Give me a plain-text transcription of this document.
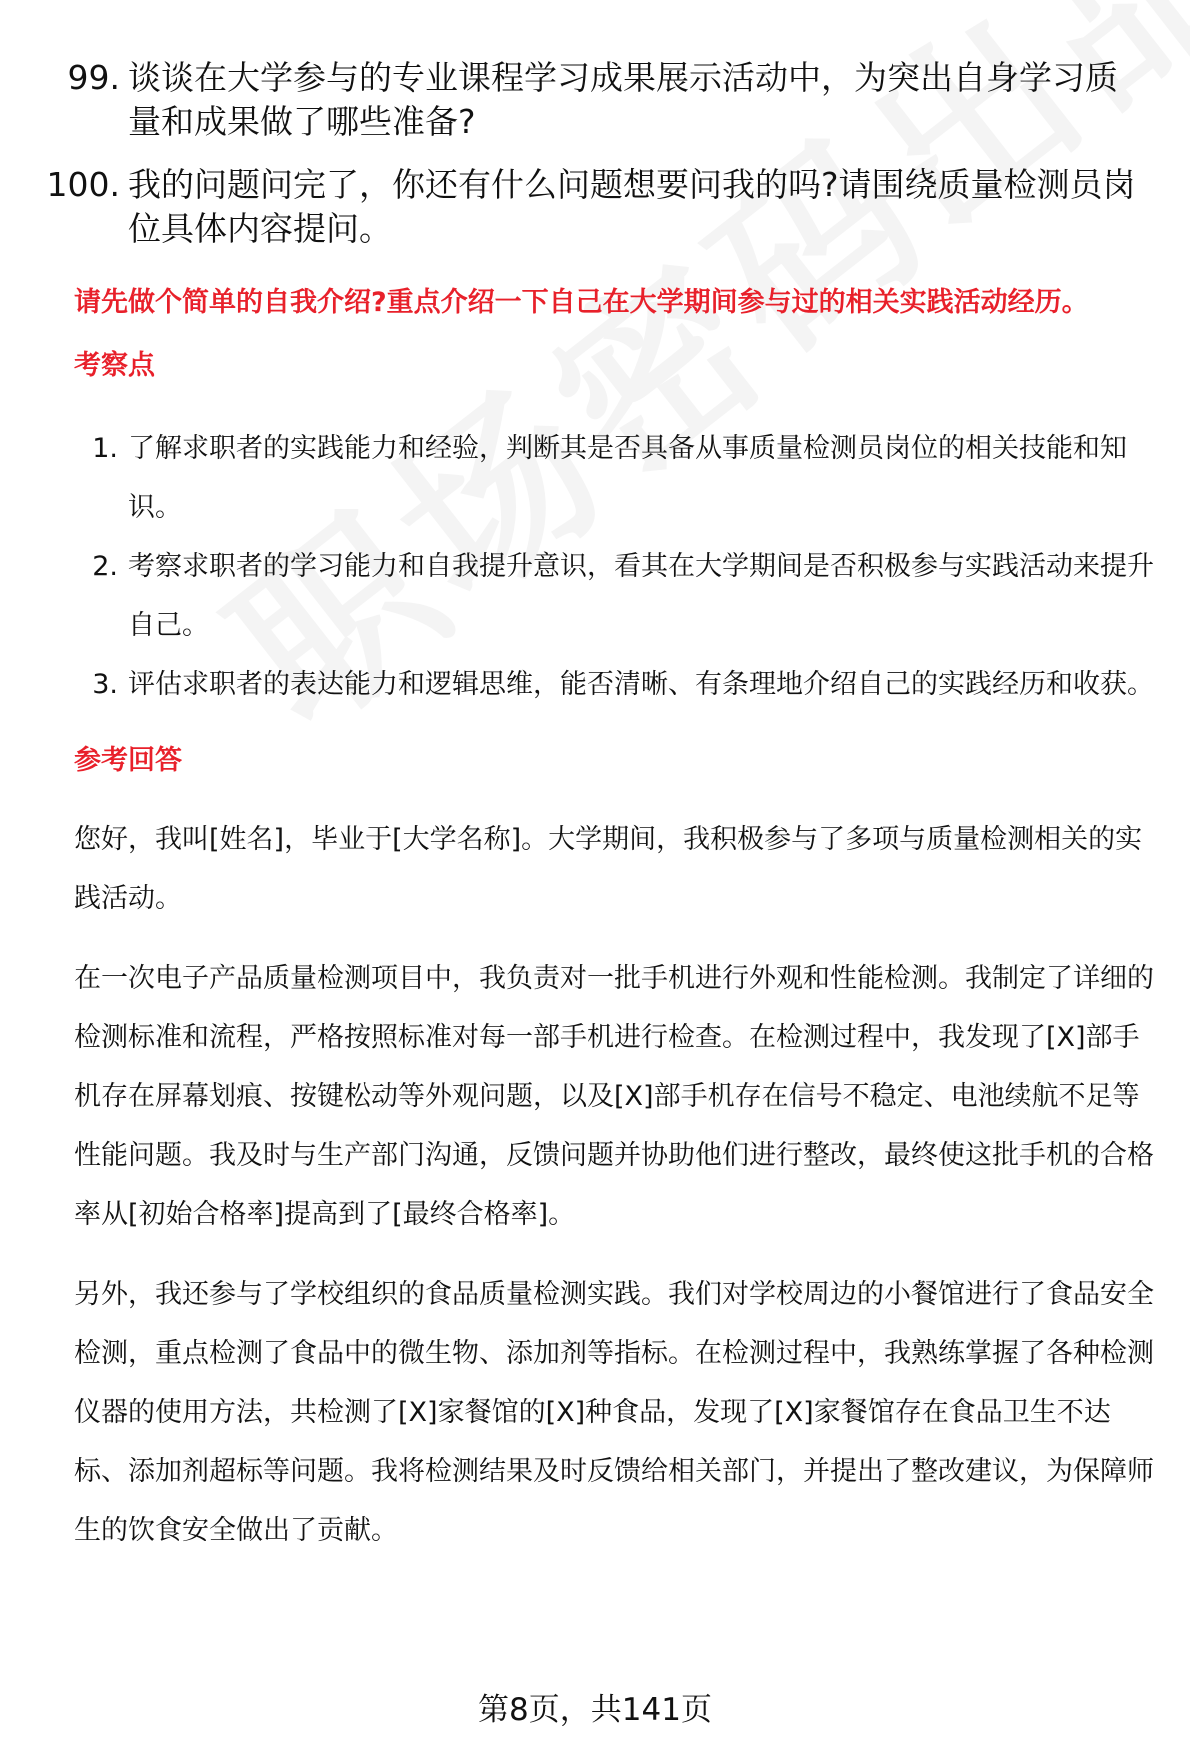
99. 谈谈在大学参与的专业课程学习成果展示活动中，为突出自身学习质量和成果做了哪些准备?
100. 我的问题问完了，你还有什么问题想要问我的吗?请围绕质量检测员岗位具体内容提问。

请先做个简单的自我介绍?重点介绍一下自己在大学期间参与过的相关实践活动经历。

考察点

1. 了解求职者的实践能力和经验，判断其是否具备从事质量检测员岗位的相关技能和知识。
2. 考察求职者的学习能力和自我提升意识，看其在大学期间是否积极参与实践活动来提升自己。
3. 评估求职者的表达能力和逻辑思维，能否清晰、有条理地介绍自己的实践经历和收获。

参考回答

您好，我叫[姓名]，毕业于[大学名称]。大学期间，我积极参与了多项与质量检测相关的实践活动。

在一次电子产品质量检测项目中，我负责对一批手机进行外观和性能检测。我制定了详细的检测标准和流程，严格按照标准对每一部手机进行检查。在检测过程中，我发现了[X]部手机存在屏幕划痕、按键松动等外观问题，以及[X]部手机存在信号不稳定、电池续航不足等性能问题。我及时与生产部门沟通，反馈问题并协助他们进行整改，最终使这批手机的合格率从[初始合格率]提高到了[最终合格率]。

另外，我还参与了学校组织的食品质量检测实践。我们对学校周边的小餐馆进行了食品安全检测，重点检测了食品中的微生物、添加剂等指标。在检测过程中，我熟练掌握了各种检测仪器的使用方法，共检测了[X]家餐馆的[X]种食品，发现了[X]家餐馆存在食品卫生不达标、添加剂超标等问题。我将检测结果及时反馈给相关部门，并提出了整改建议，为保障师生的饮食安全做出了贡献。

第8页，共141页
